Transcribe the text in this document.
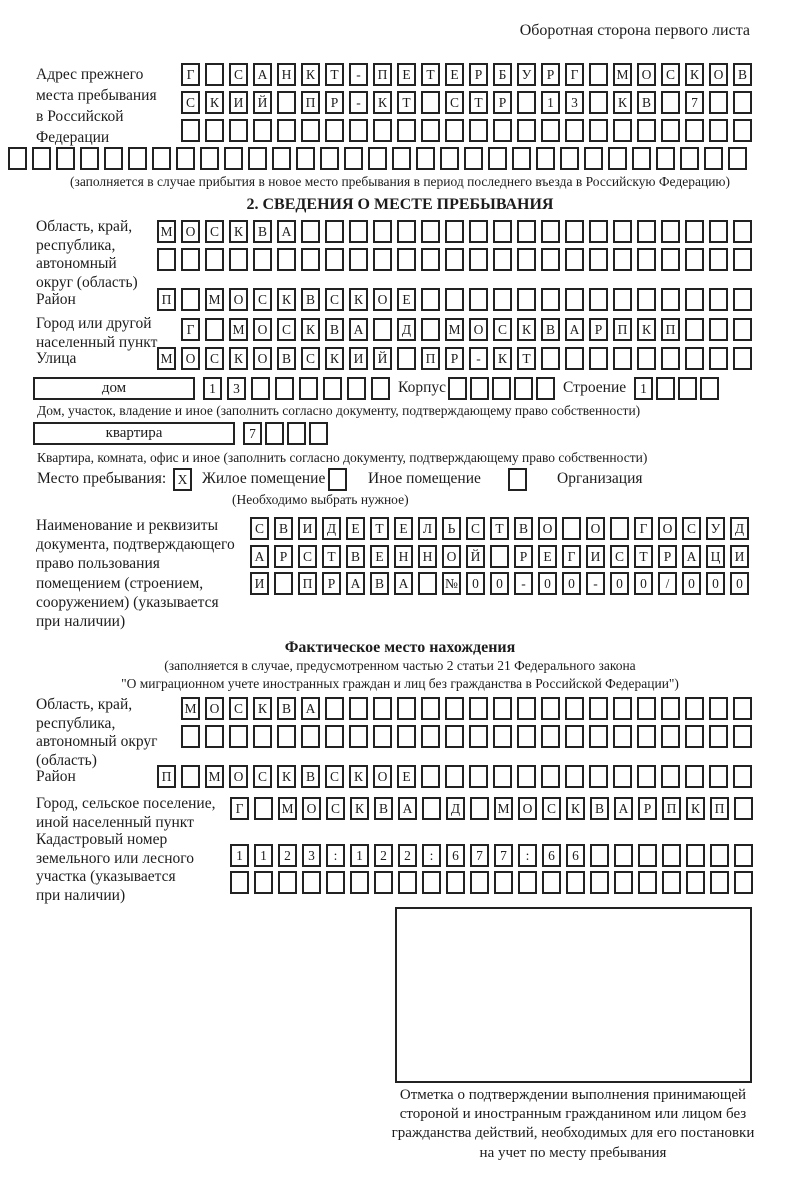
Оборотная сторона первого листа
Адрес прежнего
места пребывания
в Российской
Федерации
Г	С	А	Н	К	Т	-	П	Е	Т	Е	Р	Б	У	Р	Г	М О	С	К	О	В
С	К	И	Й	П	Р	-	К	Т	С	Т	Р	1	3	К	В	7
(заполняется в случае прибытия в новое место пребывания в период последнего въезда в Российскую Федерацию)
2. СВЕДЕНИЯ О МЕСТЕ ПРЕБЫВАНИЯ
Область, край,
республика,
автономный
округ (область)
М О	С	К	В	А
Район	П	М О	С	К	В	С	К	О	Е
Город или другой
населенный пункт
Г	М О	С	К	В	А	Д	М О	С	К	В	А	Р	П	К	П
Улица	М О	С	К	О	В	С	К	И	Й	П	Р	-	К	Т
дом	1	3	Корпус	Строение	1
Дом, участок, владение и иное (заполнить согласно документу, подтверждающему право собственности)
квартира	7
Квартира, комната, офис и иное (заполнить согласно документу, подтверждающему право собственности)
Место пребывания: X Жилое помещение	Иное помещение	Организация
(Необходимо выбрать нужное)
Наименование и реквизиты
документа, подтверждающего
право пользования
помещением (строением,
сооружением) (указывается
при наличии)
С	В	И	Д	Е	Т	Е	Л	Ь	С	Т	В	О	О	Г	О	С	У	Д
А	Р	С	Т	В	Е	Н	Н	О	Й	Р	Е	Г	И	С	Т	Р	А	Ц	И
И	П	Р	А	В	А	№	0	0	-	0	0	-	0	0	/	0	0	0
Фактическое место нахождения
(заполняется в случае, предусмотренном частью 2 статьи 21 Федерального закона
"О миграционном учете иностранных граждан и лиц без гражданства в Российской Федерации")
Область, край,
республика,
автономный округ
(область)
М О	С	К	В	А
Район	П	М О	С	К	В	С	К	О	Е
Город, сельское поселение,
иной населенный пункт
Г	М О	С	К	В	А	Д	М О	С	К	В	А	Р	П	К	П
Кадастровый номер
земельного или лесного
участка (указывается
при наличии)
1	1	2	3	:	1	2	2	:	6	7	7	:	6	6
Отметка о подтверждении выполнения принимающей
стороной и иностранным гражданином или лицом без
гражданства действий, необходимых для его постановки
на учет по месту пребывания
